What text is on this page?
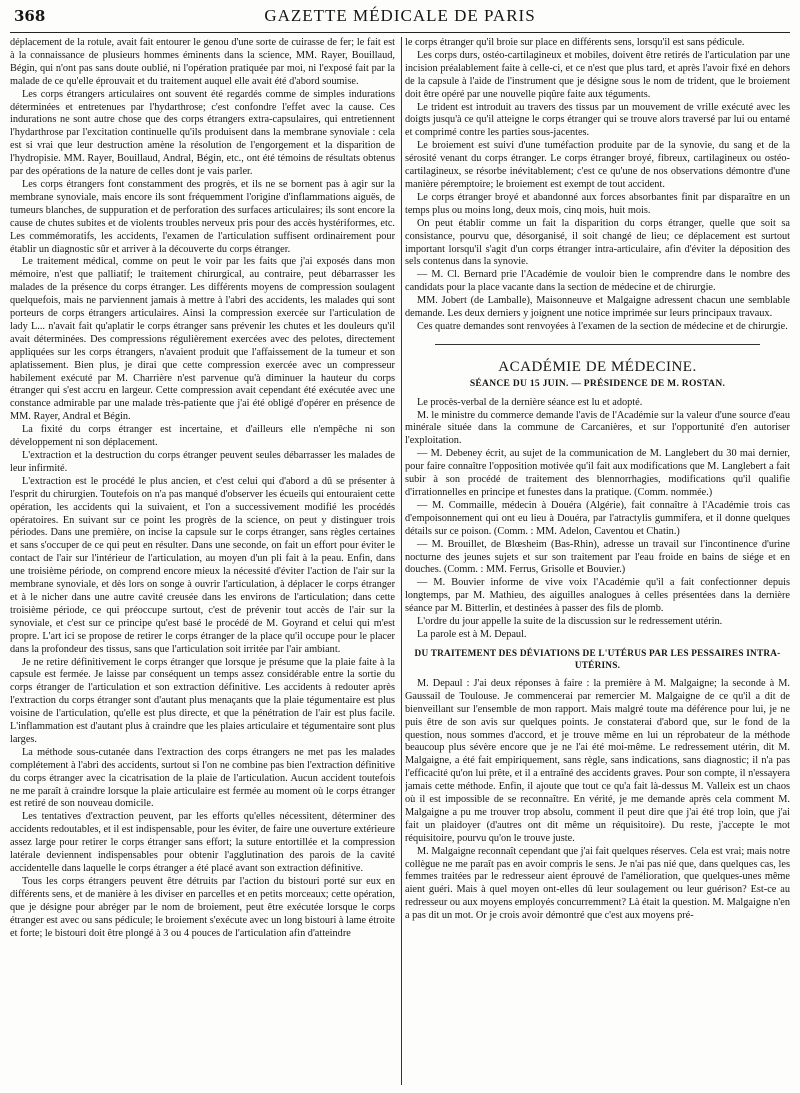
368	GAZETTE MÉDICALE DE PARIS

déplacement de la rotule, avait fait entourer le genou d'une sorte de cuirasse de fer; le fait est à la connaissance de plusieurs hommes éminents dans la science, MM. Rayer, Bouillaud, Bégin, qui n'ont pas sans doute oublié, ni l'opération pratiquée par moi, ni l'exposé fait par la malade de ce qu'elle éprouvait et du traitement auquel elle avait été d'abord soumise.

Les corps étrangers articulaires ont souvent été regardés comme de simples indurations déterminées et entretenues par l'hydarthrose; c'est confondre l'effet avec la cause. Ces indurations ne sont autre chose que des corps étrangers extra-capsulaires, qui entretiennent l'hydarthrose par l'excitation continuelle qu'ils produisent dans la membrane synoviale : cela est si vrai que leur destruction amène la résolution de l'engorgement et la disparition de l'hydropisie. MM. Rayer, Bouillaud, Andral, Bégin, etc., ont été témoins de résultats obtenus par des opérations de la nature de celles dont je vais parler.

Les corps étrangers font constamment des progrès, et ils ne se bornent pas à agir sur la membrane synoviale, mais encore ils sont fréquemment l'origine d'inflammations aiguës, de tumeurs blanches, de suppuration et de perforation des surfaces articulaires; ils sont encore la cause de chutes subites et de violents troubles nerveux pris pour des accès hystériformes, etc. Les commémoratifs, les accidents, l'examen de l'articulation suffisent ordinairement pour établir un diagnostic sûr et arriver à la découverte du corps étranger.

Le traitement médical, comme on peut le voir par les faits que j'ai exposés dans mon mémoire, n'est que palliatif; le traitement chirurgical, au contraire, peut débarrasser les malades de la présence du corps étranger. Les différents moyens de compression soulagent quelquefois, mais ne parviennent jamais à mettre à l'abri des accidents, les malades qui sont porteurs de corps étrangers articulaires. Ainsi la compression exercée sur l'articulation de lady L... n'avait fait qu'aplatir le corps étranger sans prévenir les chutes et les douleurs qu'il avait déterminées. Des compressions régulièrement exercées avec des pelotes, directement appliquées sur les corps étrangers, n'avaient produit que l'affaissement de la tumeur et son aplatissement. Bien plus, je dirai que cette compression exercée avec un compresseur habilement exécuté par M. Charrière n'est parvenue qu'à diminuer la hauteur du corps étranger qui s'est accru en largeur. Cette compression avait cependant été exécutée avec une constance admirable par une malade très-patiente que j'ai été obligé d'opérer en présence de MM. Rayer, Andral et Bégin.

La fixité du corps étranger est incertaine, et d'ailleurs elle n'empêche ni son développement ni son déplacement.

L'extraction et la destruction du corps étranger peuvent seules débarrasser les malades de leur infirmité.

L'extraction est le procédé le plus ancien, et c'est celui qui d'abord a dû se présenter à l'esprit du chirurgien. Toutefois on n'a pas manqué d'observer les écueils qui entouraient cette opération, les accidents qui la suivaient, et l'on a successivement modifié les procédés opératoires. En suivant sur ce point les progrès de la science, on peut y distinguer trois périodes. Dans une première, on incise la capsule sur le corps étranger, sans règles certaines et sans s'occuper de ce qui peut en résulter. Dans une seconde, on fait un effort pour éviter le contact de l'air sur l'intérieur de l'articulation, au moyen d'un pli fait à la peau. Enfin, dans une troisième période, on comprend encore mieux la nécessité d'éviter l'action de l'air sur la membrane synoviale, et dès lors on songe à ouvrir l'articulation, à déplacer le corps étranger et à le nicher dans une autre cavité creusée dans les environs de l'articulation; dans cette troisième période, ce qui préoccupe surtout, c'est de prévenir tout accès de l'air sur la synoviale, et c'est sur ce principe qu'est basé le procédé de M. Goyrand et celui qui m'est propre. L'art ici se propose de retirer le corps étranger de la place qu'il occupe pour le placer dans la profondeur des tissus, sans que l'articulation soit irritée par l'air ambiant.

Je ne retire définitivement le corps étranger que lorsque je présume que la plaie faite à la capsule est fermée. Je laisse par conséquent un temps assez considérable entre la sortie du corps étranger de l'articulation et son extraction définitive. Les accidents à redouter après l'extraction du corps étranger sont d'autant plus menaçants que la plaie tégumentaire est plus voisine de l'articulation, qu'elle est plus directe, et que la pénétration de l'air est plus facile. L'inflammation est d'autant plus à craindre que les plaies articulaire et tégumentaire sont plus larges.

La méthode sous-cutanée dans l'extraction des corps étrangers ne met pas les malades complétement à l'abri des accidents, surtout si l'on ne combine pas bien l'extraction définitive du corps étranger avec la cicatrisation de la plaie de l'articulation. Aucun accident toutefois ne me paraît à craindre lorsque la plaie articulaire est fermée au moment où le corps étranger est retiré de son nouveau domicile.

Les tentatives d'extraction peuvent, par les efforts qu'elles nécessitent, déterminer des accidents redoutables, et il est indispensable, pour les éviter, de faire une ouverture extérieure assez large pour retirer le corps étranger sans effort; la suture entortillée et la compression latérale deviennent indispensables pour obtenir l'agglutination des parois de la cavité accidentelle dans laquelle le corps étranger a été placé avant son extraction définitive.

Tous les corps étrangers peuvent être détruits par l'action du bistouri porté sur eux en différents sens, et de manière à les diviser en parcelles et en petits morceaux; cette opération, que je désigne pour abréger par le nom de broiement, peut être exécutée lorsque le corps étranger est avec ou sans pédicule; le broiement s'exécute avec un long bistouri à lame étroite et forte; le bistouri doit être plongé à 3 ou 4 pouces de l'articulation afin d'atteindre

le corps étranger qu'il broie sur place en différents sens, lorsqu'il est sans pédicule.

Les corps durs, ostéo-cartilagineux et mobiles, doivent être retirés de l'articulation par une incision préalablement faite à celle-ci, et ce n'est que plus tard, et après l'avoir fixé en dehors de la capsule à l'aide de l'instrument que je désigne sous le nom de trident, que le broiement doit être opéré par une nouvelle piqûre faite aux téguments.

Le trident est introduit au travers des tissus par un mouvement de vrille exécuté avec les doigts jusqu'à ce qu'il atteigne le corps étranger qui se trouve alors traversé par lui ou entamé et comprimé contre les parties sous-jacentes.

Le broiement est suivi d'une tuméfaction produite par de la synovie, du sang et de la sérosité venant du corps étranger. Le corps étranger broyé, fibreux, cartilagineux ou ostéo-cartilagineux, se résorbe inévitablement; c'est ce qu'une de nos observations démontre d'une manière péremptoire; le broiement est exempt de tout accident.

Le corps étranger broyé et abandonné aux forces absorbantes finit par disparaître en un temps plus ou moins long, deux mois, cinq mois, huit mois.

On peut établir comme un fait la disparition du corps étranger, quelle que soit sa consistance, pourvu que, désorganisé, il soit changé de lieu; ce déplacement est surtout important lorsqu'il s'agit d'un corps étranger intra-articulaire, afin d'éviter la déposition des sels contenus dans la synovie.

— M. Cl. Bernard prie l'Académie de vouloir bien le comprendre dans le nombre des candidats pour la place vacante dans la section de médecine et de chirurgie.

MM. Jobert (de Lamballe), Maisonneuve et Malgaigne adressent chacun une semblable demande. Les deux derniers y joignent une notice imprimée sur leurs principaux travaux.

Ces quatre demandes sont renvoyées à l'examen de la section de médecine et de chirurgie.

ACADÉMIE DE MÉDECINE.
SÉANCE DU 15 JUIN. — PRÉSIDENCE DE M. ROSTAN.

Le procès-verbal de la dernière séance est lu et adopté.

M. le ministre du commerce demande l'avis de l'Académie sur la valeur d'une source d'eau minérale située dans la commune de Carcanières, et sur l'opportunité d'en autoriser l'exploitation.

— M. Debeney écrit, au sujet de la communication de M. Langlebert du 30 mai dernier, pour faire connaître l'opposition motivée qu'il fait aux modifications que M. Langlebert a fait subir à son procédé de traitement des blennorrhagies, modifications qu'il qualifie d'irrationnelles en principe et funestes dans la pratique. (Comm. nommée.)

— M. Commaille, médecin à Douéra (Algérie), fait connaître à l'Académie trois cas d'empoisonnement qui ont eu lieu à Douéra, par l'atractylis gummifera, et il donne quelques détails sur ce poison. (Comm. : MM. Adelon, Caventou et Chatin.)

— M. Brouillet, de Blœsheim (Bas-Rhin), adresse un travail sur l'incontinence d'urine nocturne des jeunes sujets et sur son traitement par l'eau froide en bains de siége et en douches. (Comm. : MM. Ferrus, Grisolle et Bouvier.)

— M. Bouvier informe de vive voix l'Académie qu'il a fait confectionner depuis longtemps, par M. Mathieu, des aiguilles analogues à celles présentées dans la dernière séance par M. Bitterlin, et destinées à passer des fils de plomb.

L'ordre du jour appelle la suite de la discussion sur le redressement utérin.

La parole est à M. Depaul.

DU TRAITEMENT DES DÉVIATIONS DE L'UTÉRUS PAR LES PESSAIRES INTRA-UTÉRINS.

M. Depaul : J'ai deux réponses à faire : la première à M. Malgaigne; la seconde à M. Gaussail de Toulouse. Je commencerai par remercier M. Malgaigne de ce qu'il a dit de bienveillant sur l'ensemble de mon rapport. Mais malgré toute ma déférence pour lui, je ne puis être de son avis sur quelques points. Je constaterai d'abord que, sur le fond de la question, nous sommes d'accord, et je trouve même en lui un réprobateur de la méthode beaucoup plus sévère encore que je ne l'ai été moi-même. Le redressement utérin, dit M. Malgaigne, a été fait empiriquement, sans règle, sans indications, sans diagnostic; il n'a pas l'efficacité qu'on lui prête, et il a entraîné des accidents graves. Pour son compte, il n'essayera jamais cette méthode. Enfin, il ajoute que tout ce qu'a fait là-dessus M. Valleix est un chaos où il est impossible de se reconnaître. En vérité, je me demande après cela comment M. Malgaigne a pu me trouver trop absolu, comment il peut dire que j'ai été trop loin, que j'ai fait un plaidoyer (d'autres ont dit même un réquisitoire). Du reste, j'accepte le mot réquisitoire, pourvu qu'on le trouve juste.

M. Malgaigne reconnaît cependant que j'ai fait quelques réserves. Cela est vrai; mais notre collègue ne me paraît pas en avoir compris le sens. Je n'ai pas nié que, dans quelques cas, les femmes traitées par le redresseur aient éprouvé de l'amélioration, que quelques-unes même aient guéri. Mais à quel moyen ont-elles dû leur soulagement ou leur guérison? Est-ce au redresseur ou aux moyens employés concurremment? Là était la question. M. Malgaigne n'en a pas dit un mot. Or je crois avoir démontré que c'est aux moyens pré-
